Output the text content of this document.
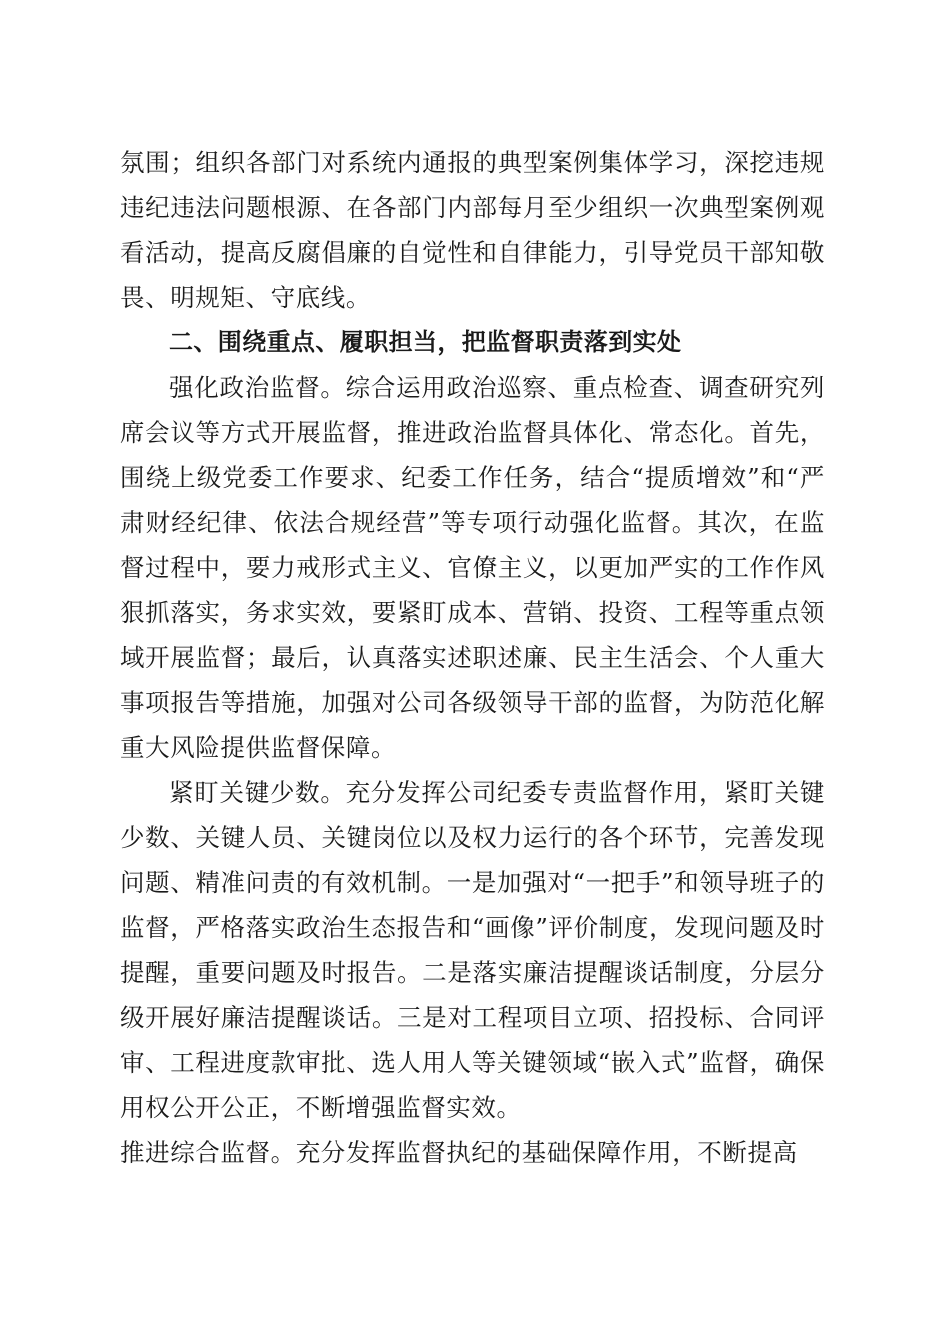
氛围；组织各部门对系统内通报的典型案例集体学习，深挖违规违纪违法问题根源、在各部门内部每月至少组织一次典型案例观看活动，提高反腐倡廉的自觉性和自律能力，引导党员干部知敬畏、明规矩、守底线。

二、围绕重点、履职担当，把监督职责落到实处

强化政治监督。综合运用政治巡察、重点检查、调查研究列席会议等方式开展监督，推进政治监督具体化、常态化。首先，围绕上级党委工作要求、纪委工作任务，结合“提质增效”和“严肃财经纪律、依法合规经营”等专项行动强化监督。其次，在监督过程中，要力戒形式主义、官僚主义，以更加严实的工作作风狠抓落实，务求实效，要紧盯成本、营销、投资、工程等重点领域开展监督；最后，认真落实述职述廉、民主生活会、个人重大事项报告等措施，加强对公司各级领导干部的监督，为防范化解重大风险提供监督保障。

紧盯关键少数。充分发挥公司纪委专责监督作用，紧盯关键少数、关键人员、关键岗位以及权力运行的各个环节，完善发现问题、精准问责的有效机制。一是加强对“一把手”和领导班子的监督，严格落实政治生态报告和“画像”评价制度，发现问题及时提醒，重要问题及时报告。二是落实廉洁提醒谈话制度，分层分级开展好廉洁提醒谈话。三是对工程项目立项、招投标、合同评审、工程进度款审批、选人用人等关键领域“嵌入式”监督，确保用权公开公正，不断增强监督实效。

推进综合监督。充分发挥监督执纪的基础保障作用，不断提高
